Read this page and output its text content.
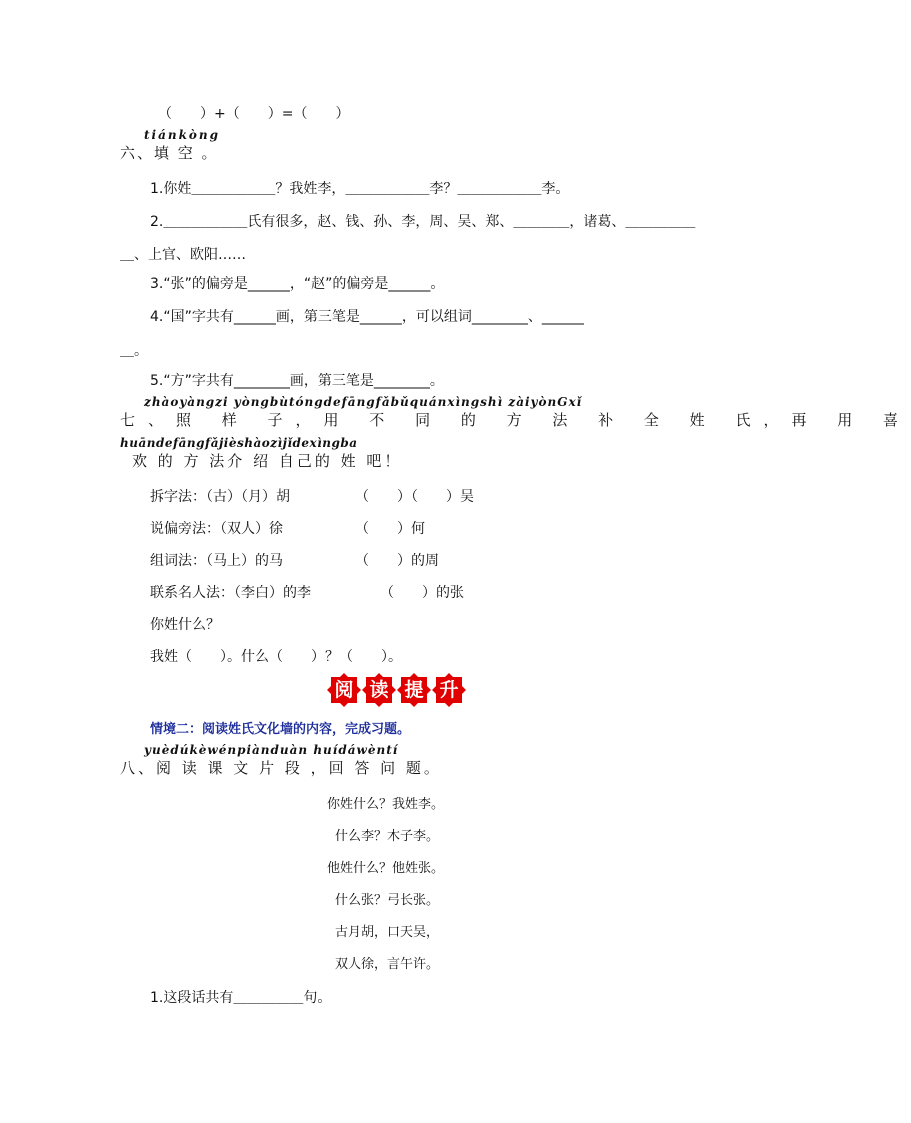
（　　）+（　　）=（　　）
tiánkòng
六、填 空 。
1.你姓＿＿＿＿＿＿？我姓李，＿＿＿＿＿＿李？＿＿＿＿＿＿李。
2.＿＿＿＿＿＿氏有很多，赵、钱、孙、李，周、吴、郑、＿＿＿＿，诸葛、＿＿＿＿＿
＿、上官、欧阳……
3.“张”的偏旁是______，“赵”的偏旁是______。
4.“国”字共有______画，第三笔是______，可以组词________、______
＿。
5.“方”字共有________画，第三笔是________。
zhàoyàngzi yòngbùtóngdefāngfǎbǔquánxìngshì zàiyònGxǐ
七、照 样 子，用 不 同 的 方 法 补 全 姓 氏，再 用 喜
huāndefāngfǎjièshàozìjǐdexìngba
欢 的 方 法介 绍 自己的 姓 吧！
拆字法：（古）（月）胡	（　　）（　　）吴
说偏旁法：（双人）徐	（　　）何
组词法：（马上）的马	（　　）的周
联系名人法：（李白）的李	（　　）的张
你姓什么？
我姓（　　）。什么（　　）？（　　）。
阅 读 提 升
情境二：阅读姓氏文化墙的内容，完成习题。
yuèdúkèwénpiànduàn huídáwèntí
八、阅 读 课 文 片 段 ，回 答 问 题。
你姓什么？我姓李。
什么李？木子李。
他姓什么？他姓张。
什么张？弓长张。
古月胡，口天吴，
双人徐，言午许。
1.这段话共有＿＿＿＿＿句。
